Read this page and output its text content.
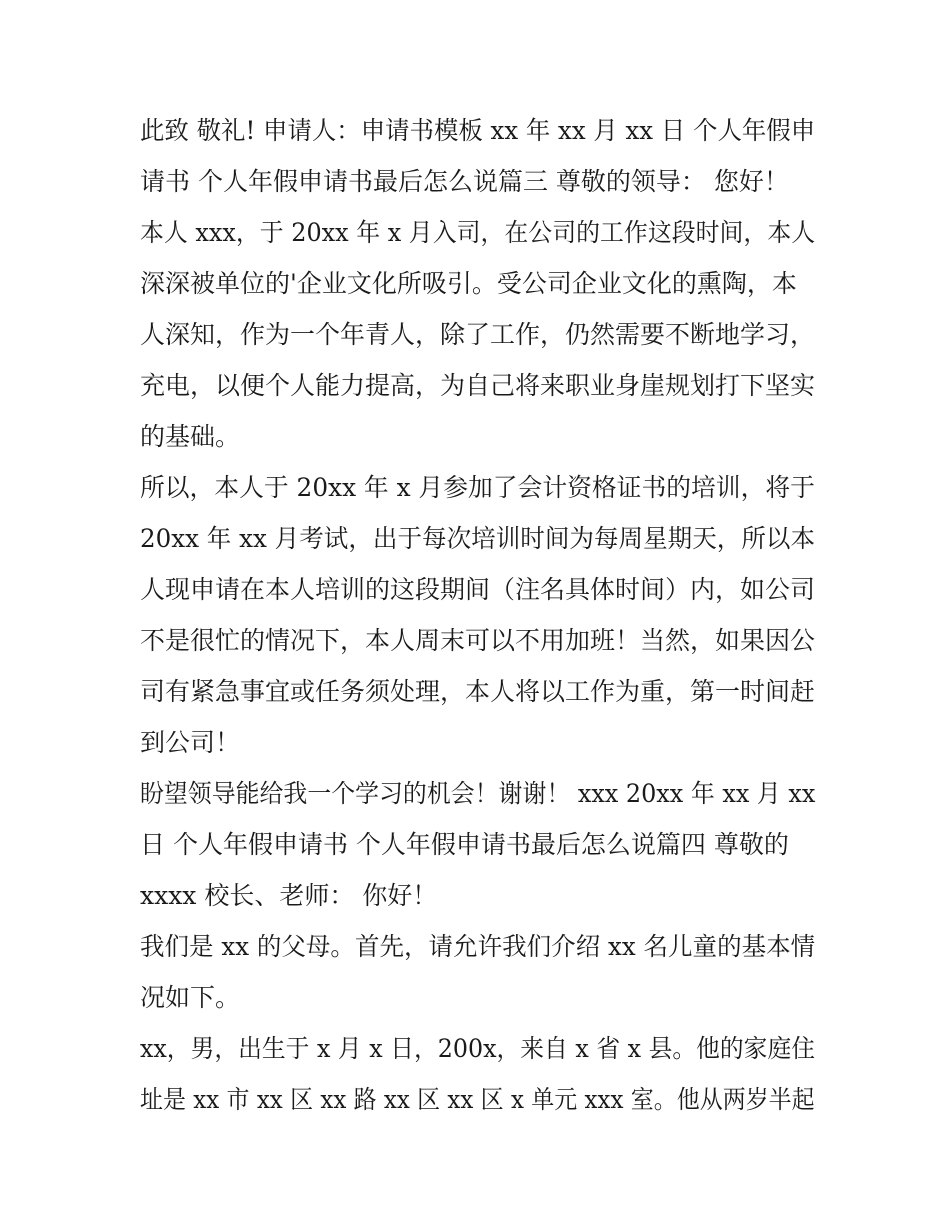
此致 敬礼! 申请人：申请书模板 xx 年 xx 月 xx 日 个人年假申
请书 个人年假申请书最后怎么说篇三 尊敬的领导： 您好！

本人 xxx，于 20xx 年 x 月入司，在公司的工作这段时间，本人
深深被单位的'企业文化所吸引。受公司企业文化的熏陶，本
人深知，作为一个年青人，除了工作，仍然需要不断地学习，
充电，以便个人能力提高，为自己将来职业身崖规划打下坚实
的基础。

所以，本人于 20xx 年 x 月参加了会计资格证书的培训，将于
20xx 年 xx 月考试，出于每次培训时间为每周星期天，所以本
人现申请在本人培训的这段期间（注名具体时间）内，如公司
不是很忙的情况下，本人周末可以不用加班！当然，如果因公
司有紧急事宜或任务须处理，本人将以工作为重，第一时间赶
到公司！

盼望领导能给我一个学习的机会！谢谢！ xxx 20xx 年 xx 月 xx
日 个人年假申请书 个人年假申请书最后怎么说篇四 尊敬的
xxxx 校长、老师： 你好！

我们是 xx 的父母。首先，请允许我们介绍 xx 名儿童的基本情
况如下。

xx，男，出生于 x 月 x 日，200x，来自 x 省 x 县。他的家庭住
址是 xx 市 xx 区 xx 路 xx 区 xx 区 x 单元 xxx 室。他从两岁半起
